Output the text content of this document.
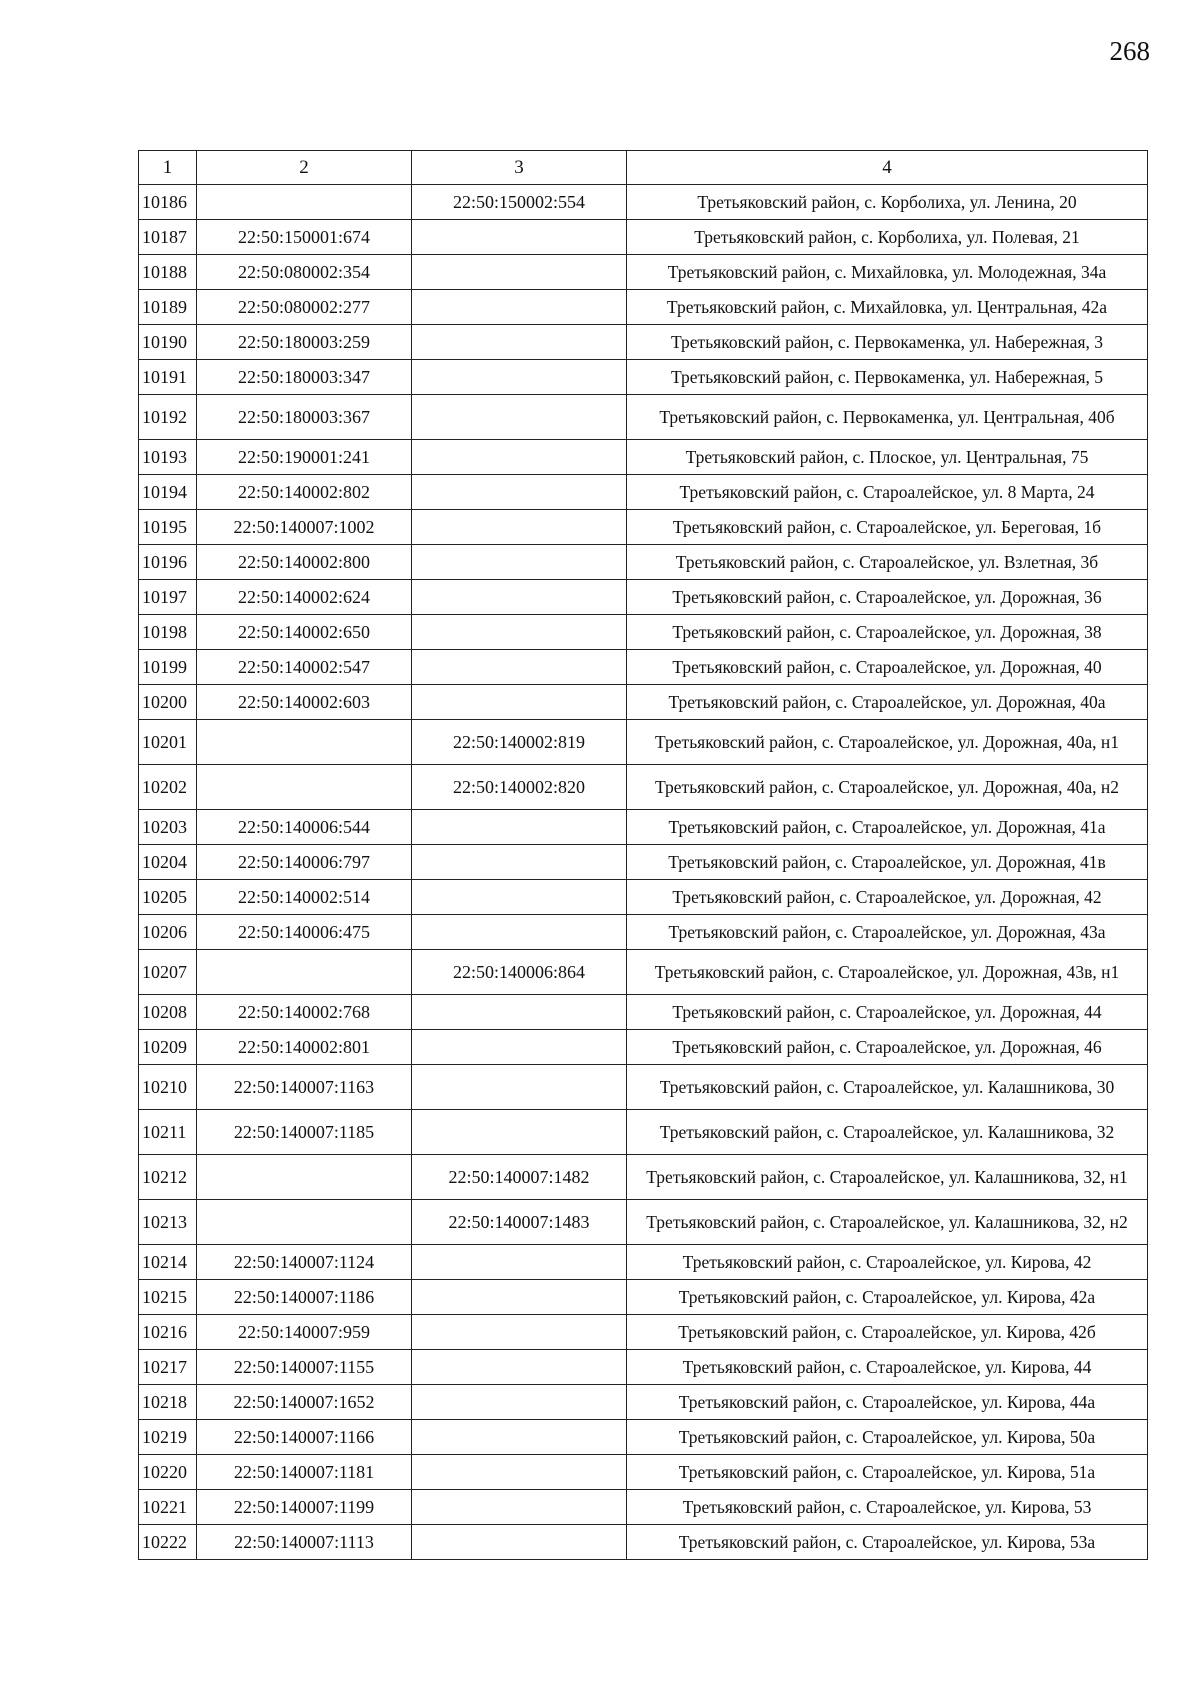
268
1	2	3	4
10186		22:50:150002:554	Третьяковский район, с. Корболиха, ул. Ленина, 20
10187	22:50:150001:674		Третьяковский район, с. Корболиха, ул. Полевая, 21
10188	22:50:080002:354		Третьяковский район, с. Михайловка, ул. Молодежная, 34а
10189	22:50:080002:277		Третьяковский район, с. Михайловка, ул. Центральная, 42а
10190	22:50:180003:259		Третьяковский район, с. Первокаменка, ул. Набережная, 3
10191	22:50:180003:347		Третьяковский район, с. Первокаменка, ул. Набережная, 5
10192	22:50:180003:367		Третьяковский район, с. Первокаменка, ул. Центральная, 40б
10193	22:50:190001:241		Третьяковский район, с. Плоское, ул. Центральная, 75
10194	22:50:140002:802		Третьяковский район, с. Староалейское, ул. 8 Марта, 24
10195	22:50:140007:1002		Третьяковский район, с. Староалейское, ул. Береговая, 1б
10196	22:50:140002:800		Третьяковский район, с. Староалейское, ул. Взлетная, 3б
10197	22:50:140002:624		Третьяковский район, с. Староалейское, ул. Дорожная, 36
10198	22:50:140002:650		Третьяковский район, с. Староалейское, ул. Дорожная, 38
10199	22:50:140002:547		Третьяковский район, с. Староалейское, ул. Дорожная, 40
10200	22:50:140002:603		Третьяковский район, с. Староалейское, ул. Дорожная, 40а
10201		22:50:140002:819	Третьяковский район, с. Староалейское, ул. Дорожная, 40а, н1
10202		22:50:140002:820	Третьяковский район, с. Староалейское, ул. Дорожная, 40а, н2
10203	22:50:140006:544		Третьяковский район, с. Староалейское, ул. Дорожная, 41а
10204	22:50:140006:797		Третьяковский район, с. Староалейское, ул. Дорожная, 41в
10205	22:50:140002:514		Третьяковский район, с. Староалейское, ул. Дорожная, 42
10206	22:50:140006:475		Третьяковский район, с. Староалейское, ул. Дорожная, 43а
10207		22:50:140006:864	Третьяковский район, с. Староалейское, ул. Дорожная, 43в, н1
10208	22:50:140002:768		Третьяковский район, с. Староалейское, ул. Дорожная, 44
10209	22:50:140002:801		Третьяковский район, с. Староалейское, ул. Дорожная, 46
10210	22:50:140007:1163		Третьяковский район, с. Староалейское, ул. Калашникова, 30
10211	22:50:140007:1185		Третьяковский район, с. Староалейское, ул. Калашникова, 32
10212		22:50:140007:1482	Третьяковский район, с. Староалейское, ул. Калашникова, 32, н1
10213		22:50:140007:1483	Третьяковский район, с. Староалейское, ул. Калашникова, 32, н2
10214	22:50:140007:1124		Третьяковский район, с. Староалейское, ул. Кирова, 42
10215	22:50:140007:1186		Третьяковский район, с. Староалейское, ул. Кирова, 42а
10216	22:50:140007:959		Третьяковский район, с. Староалейское, ул. Кирова, 42б
10217	22:50:140007:1155		Третьяковский район, с. Староалейское, ул. Кирова, 44
10218	22:50:140007:1652		Третьяковский район, с. Староалейское, ул. Кирова, 44а
10219	22:50:140007:1166		Третьяковский район, с. Староалейское, ул. Кирова, 50а
10220	22:50:140007:1181		Третьяковский район, с. Староалейское, ул. Кирова, 51а
10221	22:50:140007:1199		Третьяковский район, с. Староалейское, ул. Кирова, 53
10222	22:50:140007:1113		Третьяковский район, с. Староалейское, ул. Кирова, 53а
